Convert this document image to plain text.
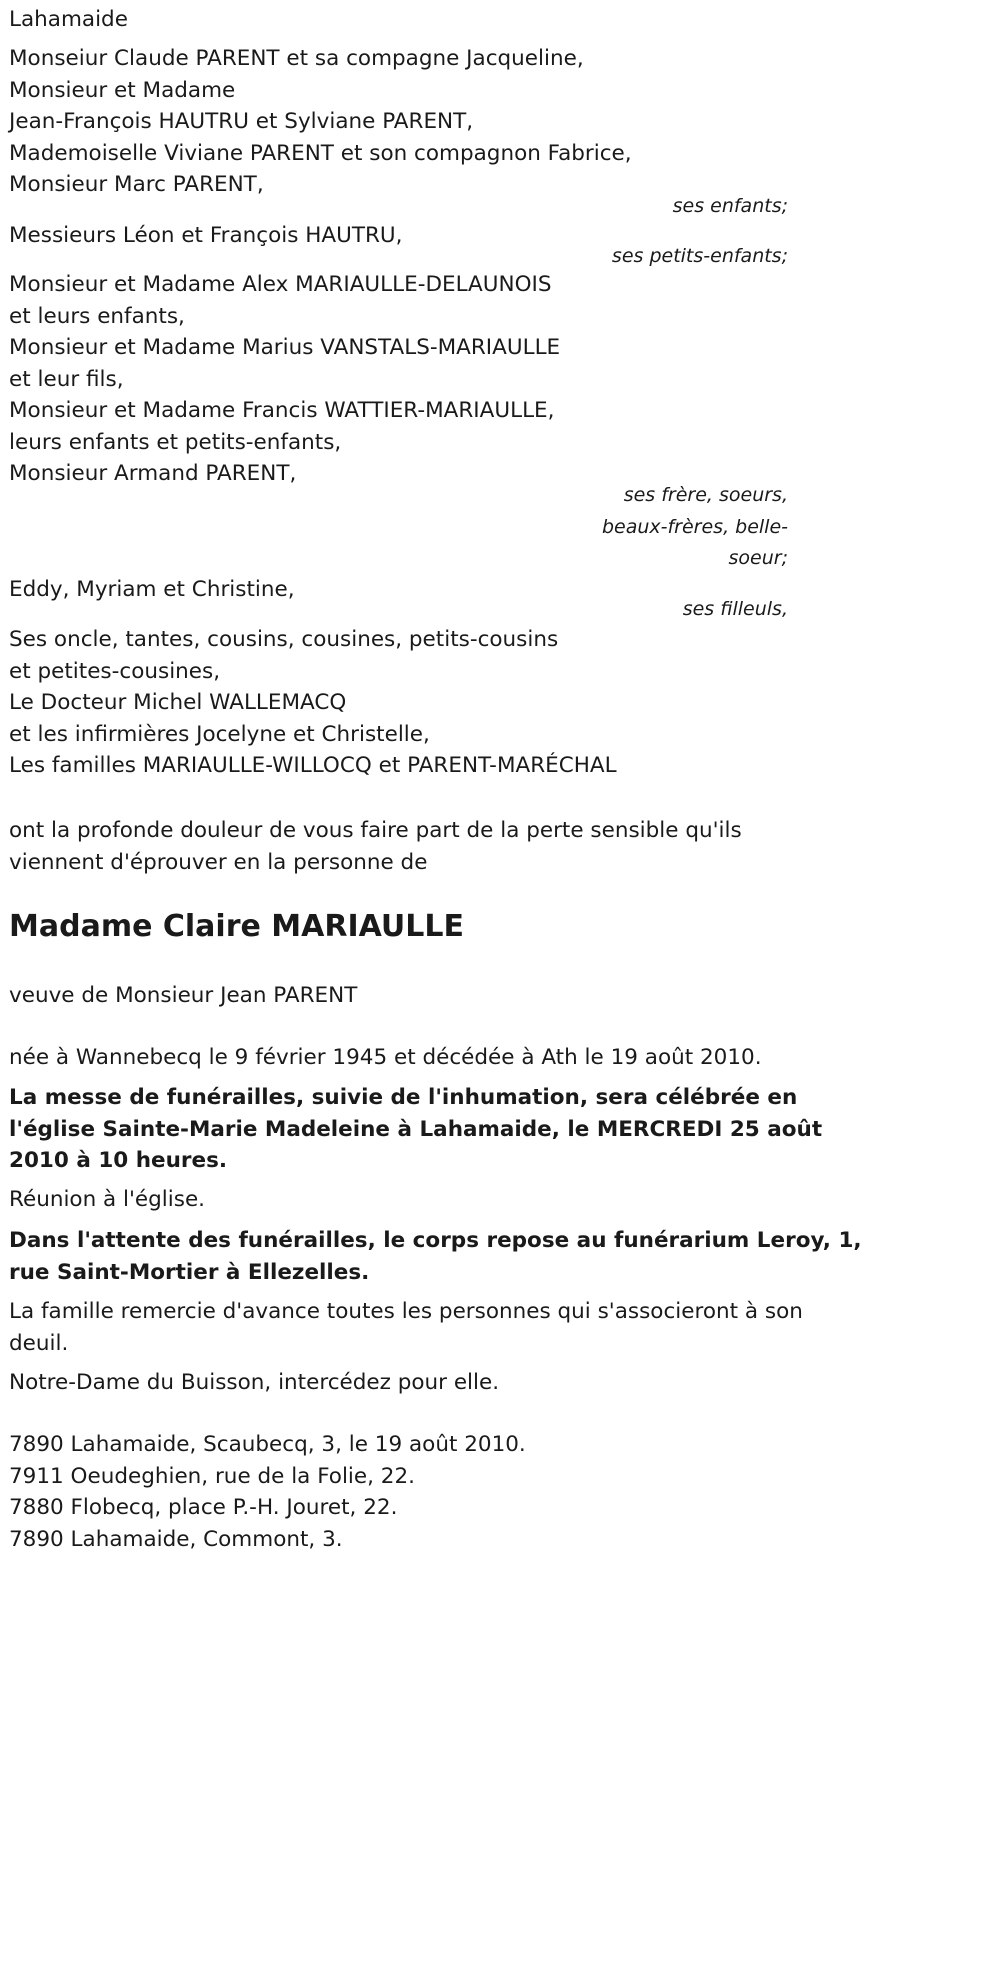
Lahamaide
Monseiur Claude PARENT et sa compagne Jacqueline,
Monsieur et Madame
Jean-François HAUTRU et Sylviane PARENT,
Mademoiselle Viviane PARENT et son compagnon Fabrice,
Monsieur Marc PARENT,
ses enfants;
Messieurs Léon et François HAUTRU,
ses petits-enfants;
Monsieur et Madame Alex MARIAULLE-DELAUNOIS
et leurs enfants,
Monsieur et Madame Marius VANSTALS-MARIAULLE
et leur fils,
Monsieur et Madame Francis WATTIER-MARIAULLE,
leurs enfants et petits-enfants,
Monsieur Armand PARENT,
ses frère, soeurs,
beaux-frères, belle-
soeur;
Eddy, Myriam et Christine,
ses filleuls,
Ses oncle, tantes, cousins, cousines, petits-cousins
et petites-cousines,
Le Docteur Michel WALLEMACQ
et les infirmières Jocelyne et Christelle,
Les familles MARIAULLE-WILLOCQ et PARENT-MARÉCHAL
ont la profonde douleur de vous faire part de la perte sensible qu'ils
viennent d'éprouver en la personne de
Madame Claire MARIAULLE
veuve de Monsieur Jean PARENT
née à Wannebecq le 9 février 1945 et décédée à Ath le 19 août 2010.
La messe de funérailles, suivie de l'inhumation, sera célébrée en
l'église Sainte-Marie Madeleine à Lahamaide, le MERCREDI 25 août
2010 à 10 heures.
Réunion à l'église.
Dans l'attente des funérailles, le corps repose au funérarium Leroy, 1,
rue Saint-Mortier à Ellezelles.
La famille remercie d'avance toutes les personnes qui s'associeront à son
deuil.
Notre-Dame du Buisson, intercédez pour elle.
7890 Lahamaide, Scaubecq, 3, le 19 août 2010.
7911 Oeudeghien, rue de la Folie, 22.
7880 Flobecq, place P.-H. Jouret, 22.
7890 Lahamaide, Commont, 3.
